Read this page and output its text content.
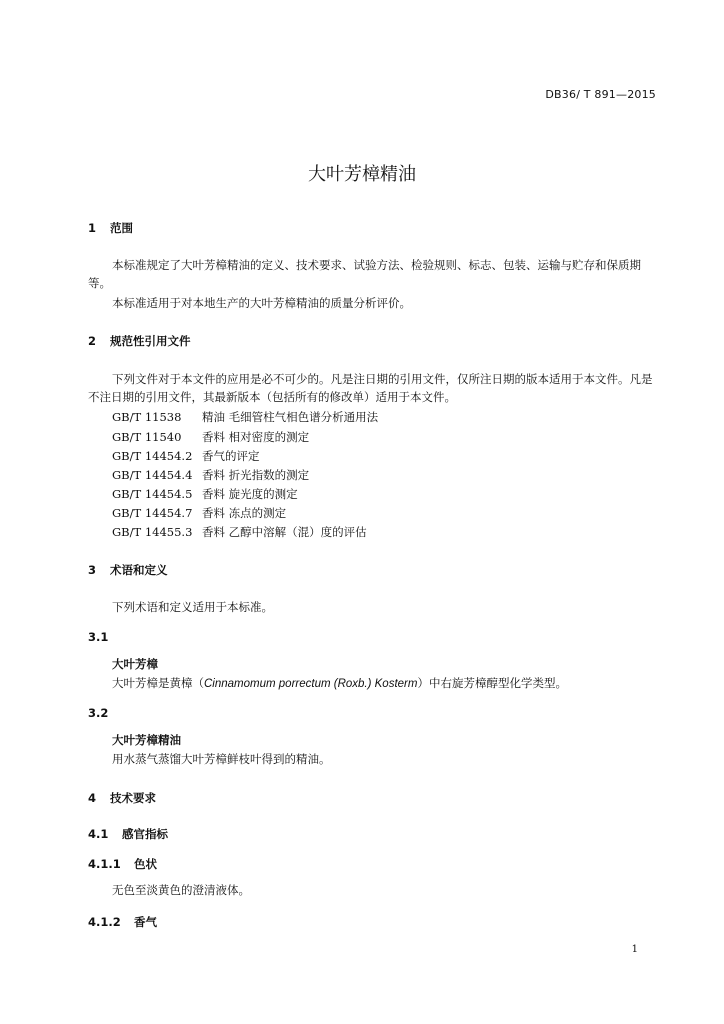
DB36/ T 891—2015
大叶芳樟精油
1 范围
本标准规定了大叶芳樟精油的定义、技术要求、试验方法、检验规则、标志、包装、运输与贮存和保质期等。
本标准适用于对本地生产的大叶芳樟精油的质量分析评价。
2 规范性引用文件
下列文件对于本文件的应用是必不可少的。凡是注日期的引用文件，仅所注日期的版本适用于本文件。凡是不注日期的引用文件，其最新版本（包括所有的修改单）适用于本文件。
GB/T 11538 精油 毛细管柱气相色谱分析通用法
GB/T 11540 香料 相对密度的测定
GB/T 14454.2 香气的评定
GB/T 14454.4 香料 折光指数的测定
GB/T 14454.5 香料 旋光度的测定
GB/T 14454.7 香料 冻点的测定
GB/T 14455.3 香料 乙醇中溶解（混）度的评估
3 术语和定义
下列术语和定义适用于本标准。
3.1
大叶芳樟
大叶芳樟是黄樟（Cinnamomum porrectum (Roxb.) Kosterm）中右旋芳樟醇型化学类型。
3.2
大叶芳樟精油
用水蒸气蒸馏大叶芳樟鲜枝叶得到的精油。
4 技术要求
4.1 感官指标
4.1.1 色状
无色至淡黄色的澄清液体。
4.1.2 香气
1
